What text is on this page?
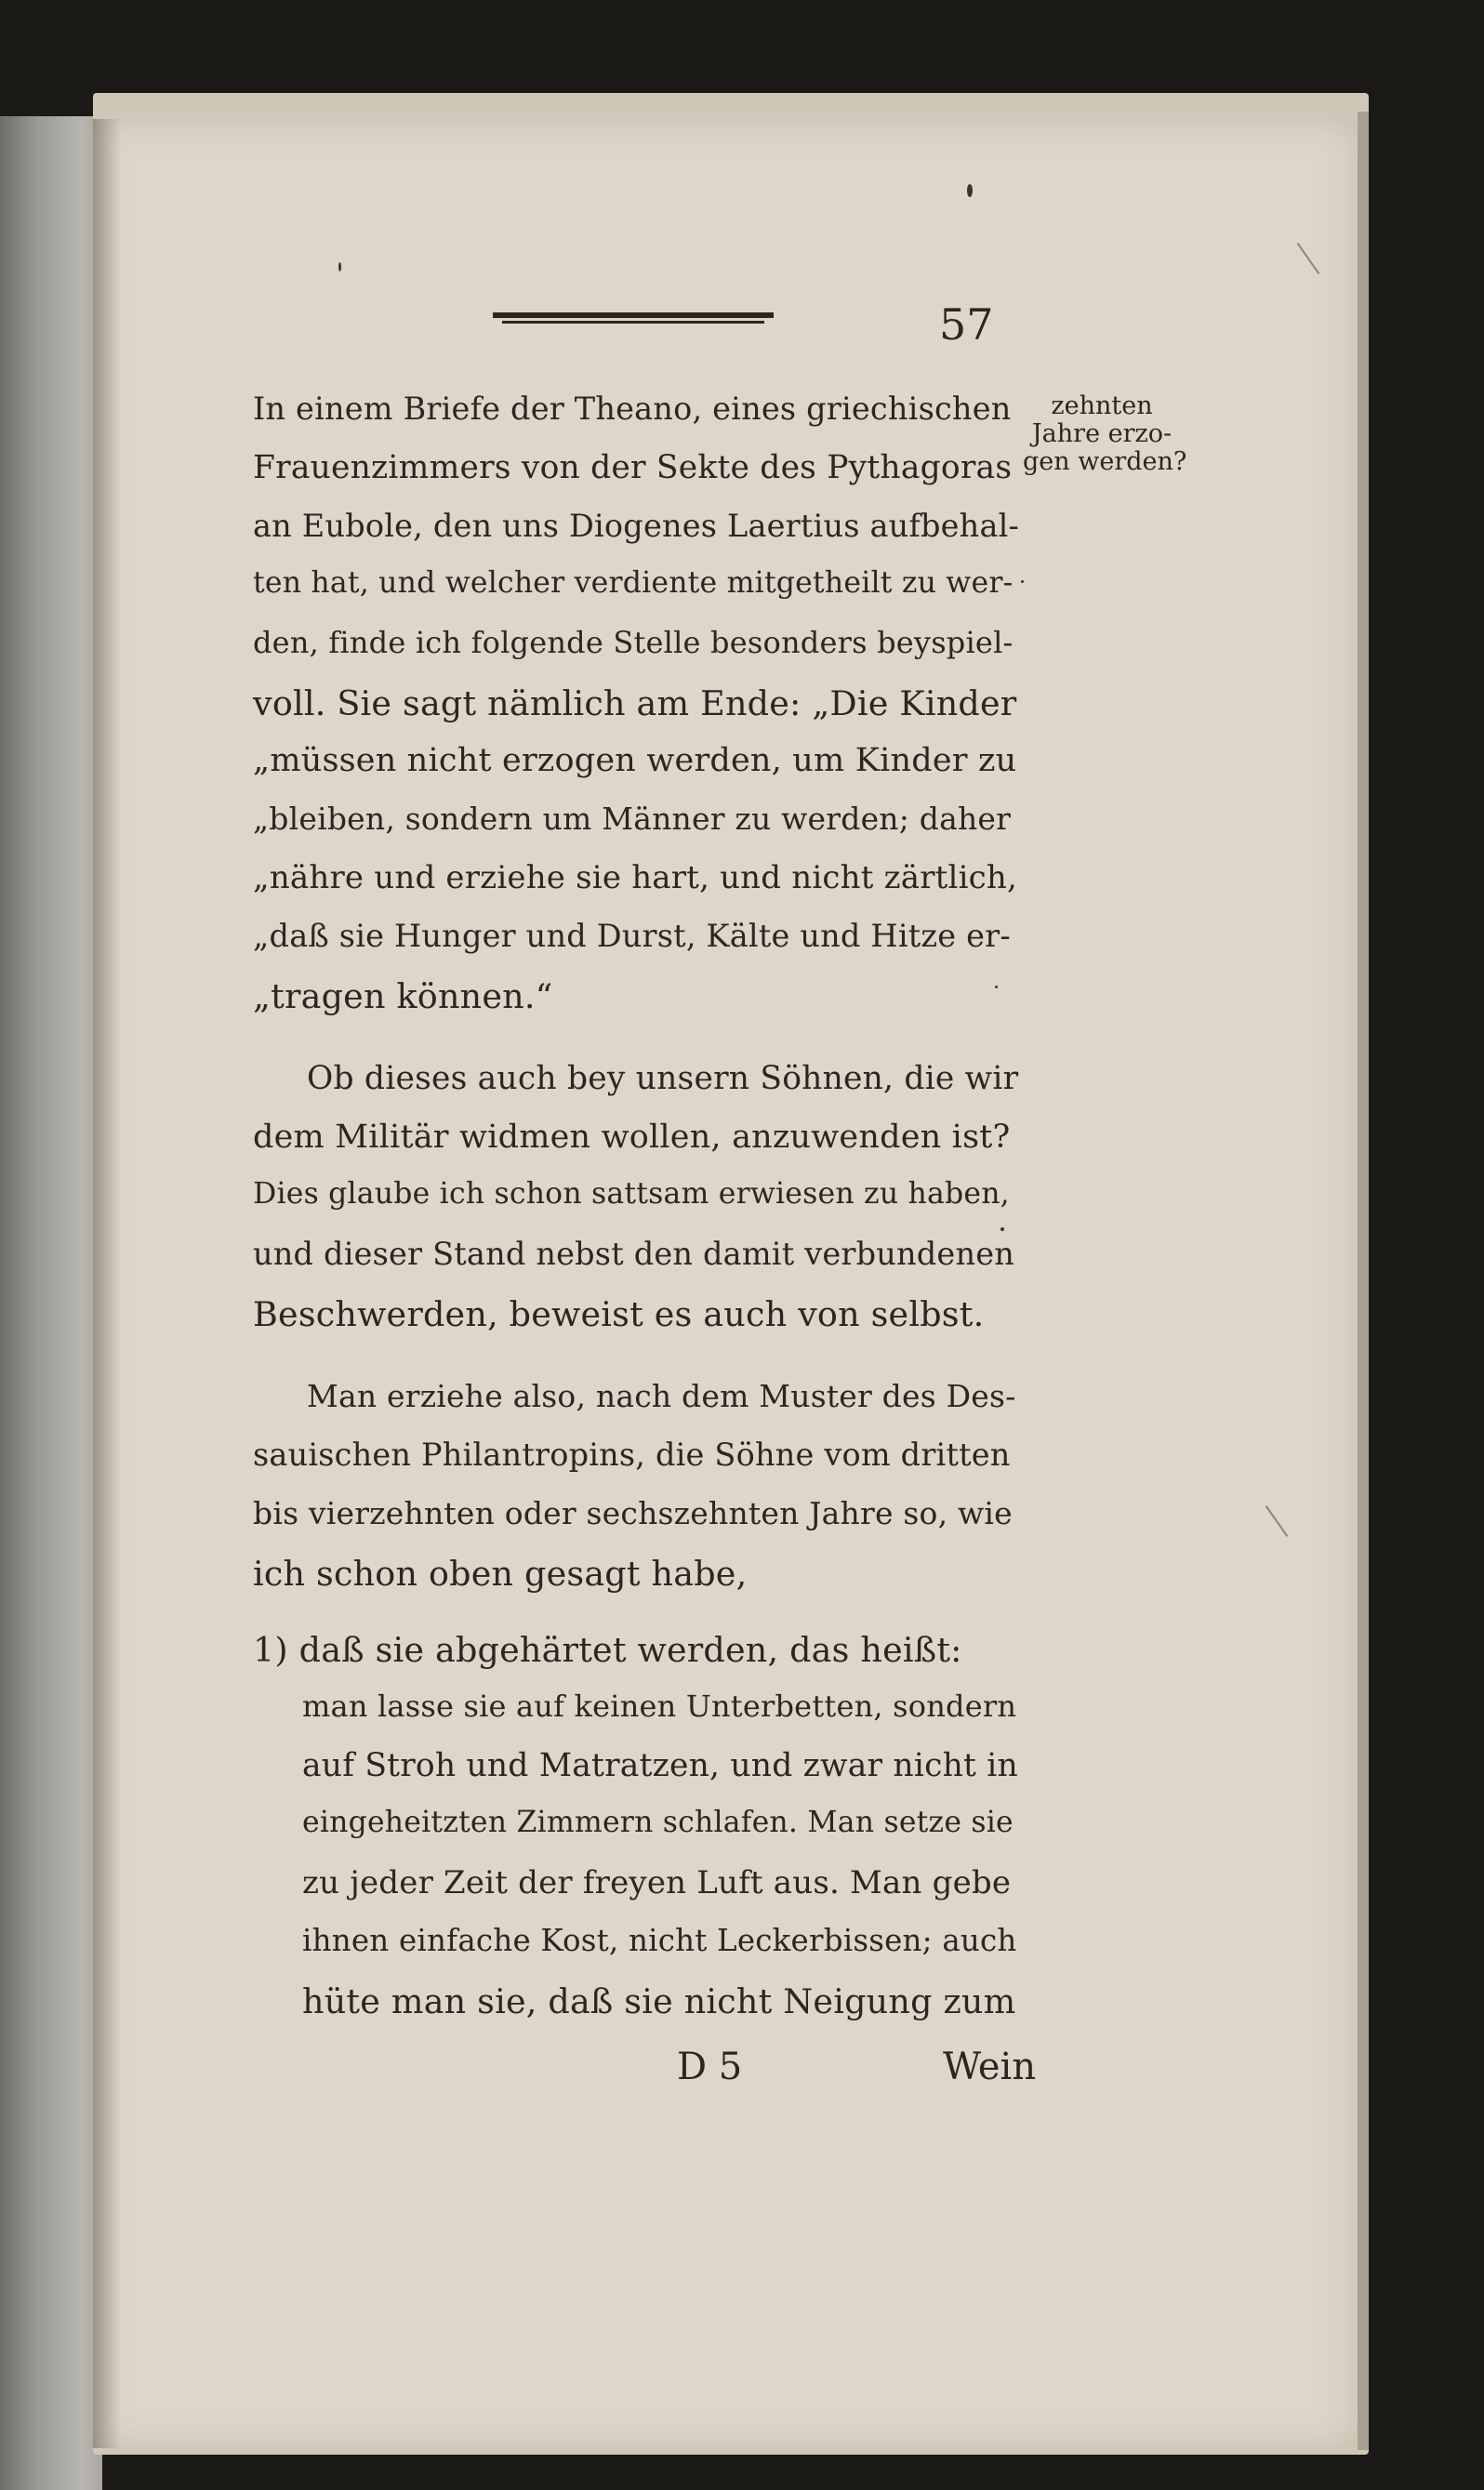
57
In einem Briefe der Theano, eines griechischen
Frauenzimmers von der Sekte des Pythagoras
an Eubole, den uns Diogenes Laertius aufbehal-
ten hat, und welcher verdiente mitgetheilt zu wer-
den, finde ich folgende Stelle besonders beyspiel-
voll. Sie sagt nämlich am Ende: „Die Kinder
„müssen nicht erzogen werden, um Kinder zu
„bleiben, sondern um Männer zu werden; daher
„nähre und erziehe sie hart, und nicht zärtlich,
„daß sie Hunger und Durst, Kälte und Hitze er-
„tragen können.“
Ob dieses auch bey unsern Söhnen, die wir
dem Militär widmen wollen, anzuwenden ist?
Dies glaube ich schon sattsam erwiesen zu haben,
und dieser Stand nebst den damit verbundenen
Beschwerden, beweist es auch von selbst.
Man erziehe also, nach dem Muster des Des-
sauischen Philantropins, die Söhne vom dritten
bis vierzehnten oder sechszehnten Jahre so, wie
ich schon oben gesagt habe,
1) daß sie abgehärtet werden, das heißt:
man lasse sie auf keinen Unterbetten, sondern
auf Stroh und Matratzen, und zwar nicht in
eingeheitzten Zimmern schlafen. Man setze sie
zu jeder Zeit der freyen Luft aus. Man gebe
ihnen einfache Kost, nicht Leckerbissen; auch
hüte man sie, daß sie nicht Neigung zum
zehnten
Jahre erzo-
gen werden?
D 5	Wein
